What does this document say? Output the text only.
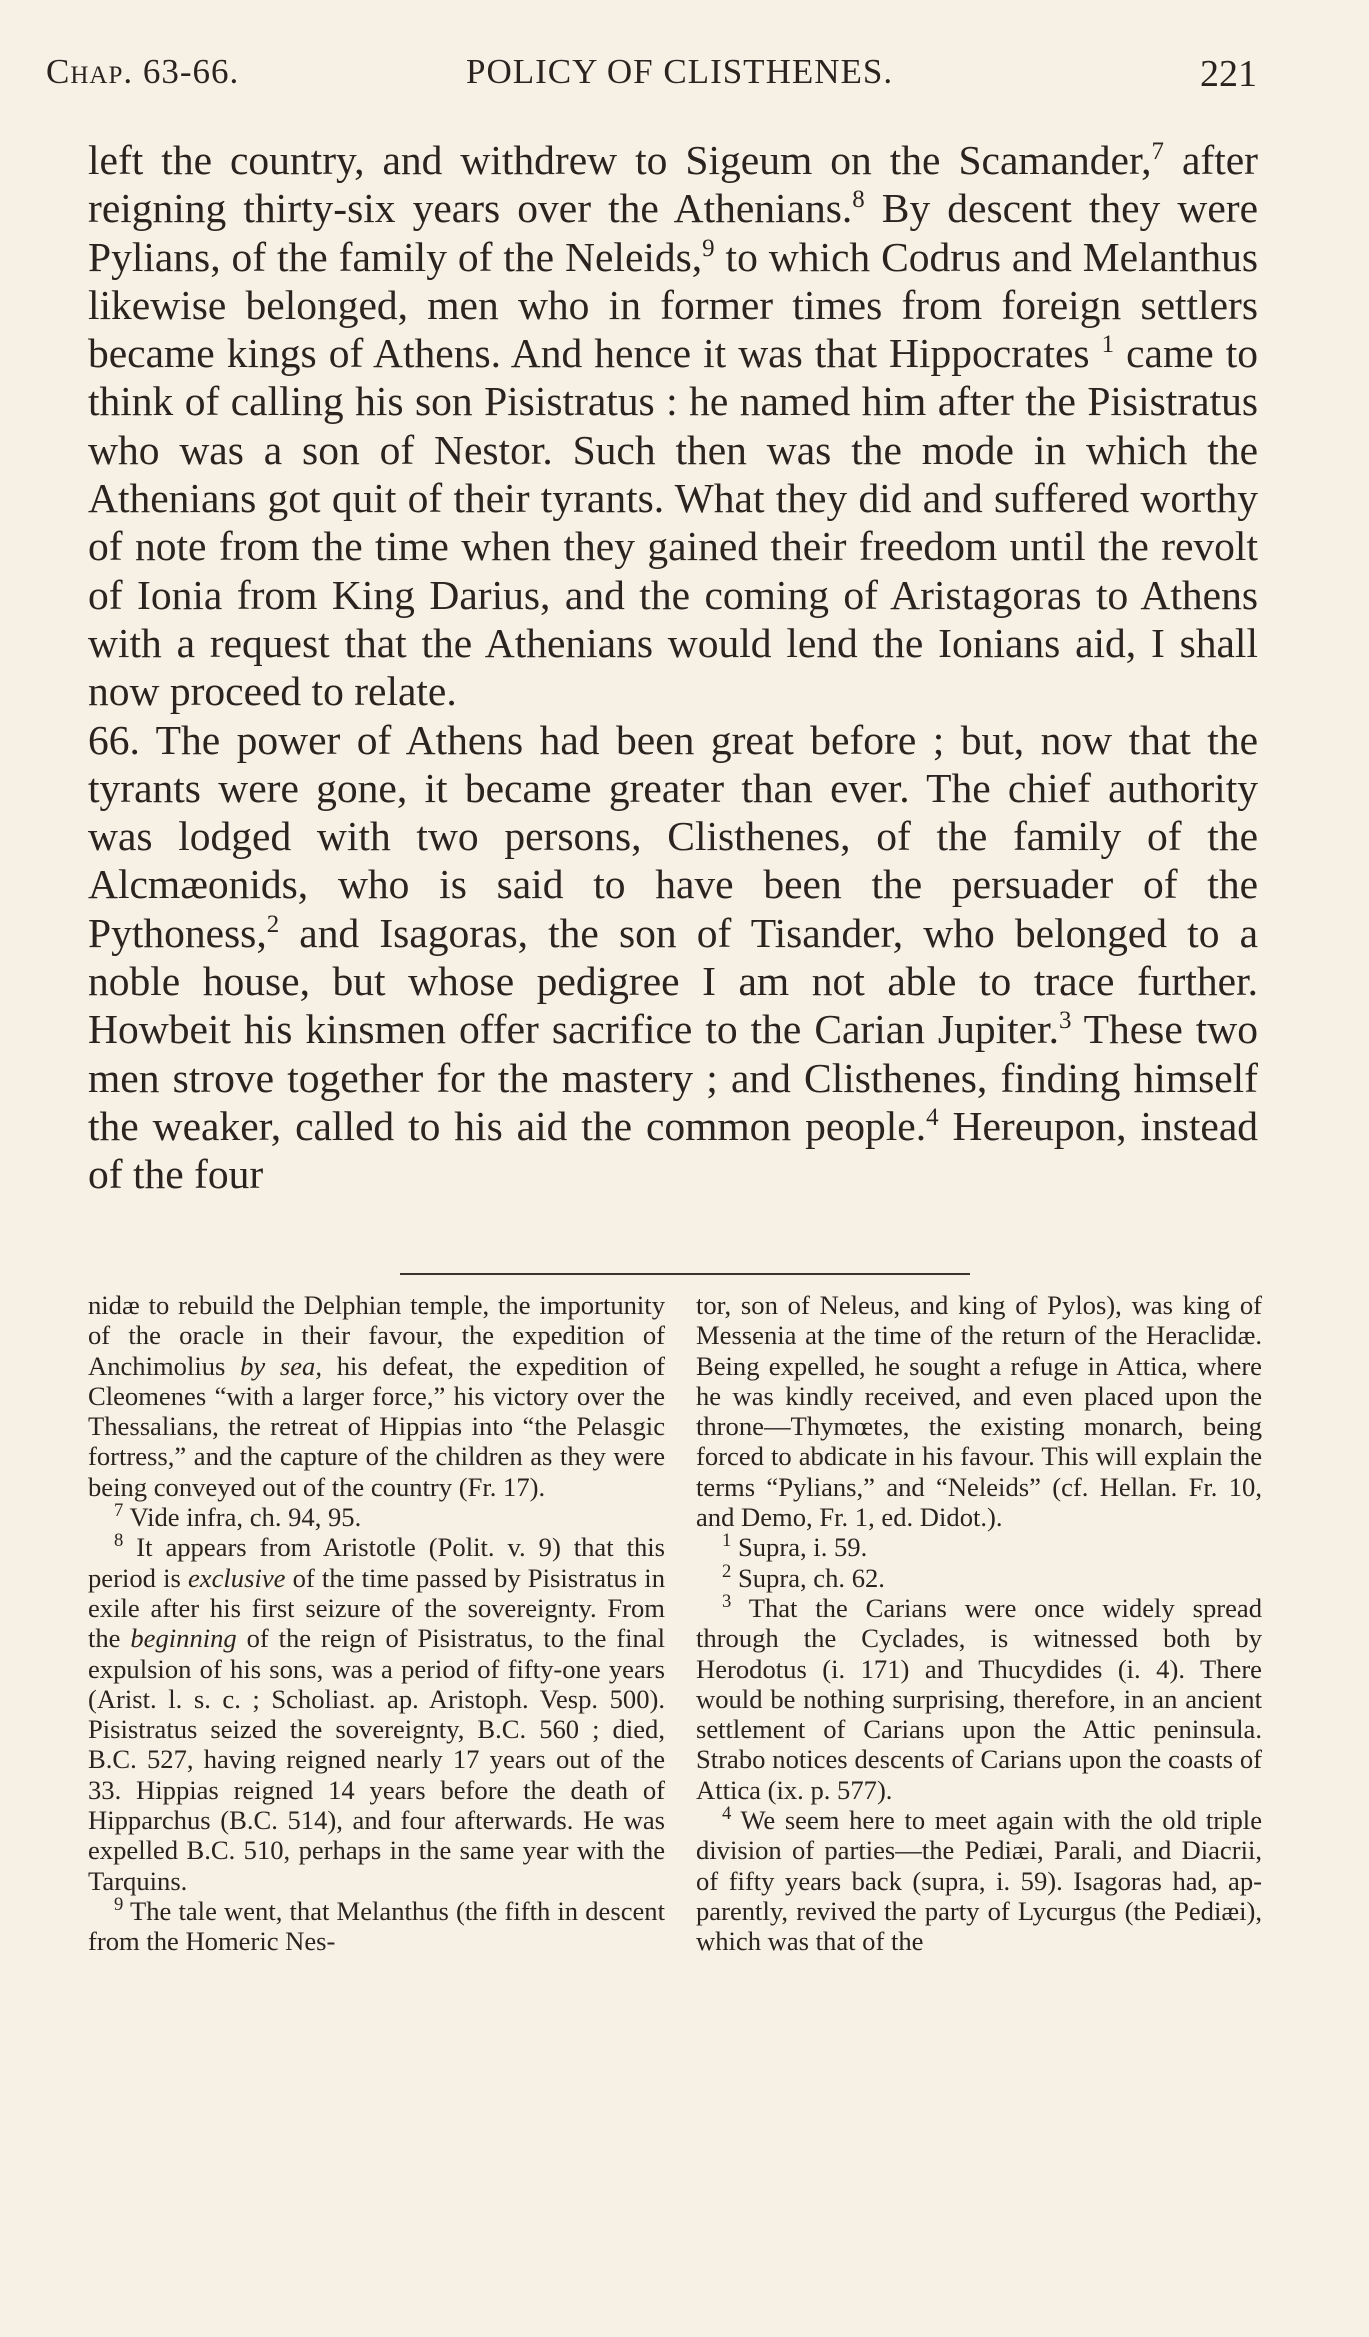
Chap. 63-66.	POLICY OF CLISTHENES.	221

left the country, and withdrew to Sigeum on the Scamander,$^7$ after reigning thirty-six years over the Athenians.$^8$ By descent they were Pylians, of the family of the Neleids,$^9$ to which Codrus and Melanthus likewise belonged, men who in former times from foreign settlers became kings of Athens. And hence it was that Hippocrates $^1$ came to think of calling his son Pisistratus : he named him after the Pisistratus who was a son of Nestor. Such then was the mode in which the Athenians got quit of their tyrants. What they did and suffered worthy of note from the time when they gained their freedom until the revolt of Ionia from King Darius, and the coming of Aristagoras to Athens with a request that the Athenians would lend the Ionians aid, I shall now proceed to relate.

66. The power of Athens had been great before ; but, now that the tyrants were gone, it became greater than ever. The chief authority was lodged with two persons, Clisthenes, of the family of the Alcmæonids, who is said to have been the persuader of the Pythoness,$^2$ and Isagoras, the son of Tisander, who belonged to a noble house, but whose pedigree I am not able to trace further. Howbeit his kinsmen offer sacrifice to the Carian Jupiter.$^3$ These two men strove together for the mastery ; and Clisthenes, finding himself the weaker, called to his aid the common people.$^4$ Hereupon, instead of the four

nidæ to rebuild the Delphian temple, the importunity of the oracle in their favour, the expedition of Anchimolius by sea, his defeat, the expedition of Cleomenes “with a larger force,” his victory over the Thessalians, the retreat of Hippias into “the Pelasgic fortress,” and the capture of the children as they were being conveyed out of the country (Fr. 17).

$^7$ Vide infra, ch. 94, 95.

$^8$ It appears from Aristotle (Polit. v. 9) that this period is exclusive of the time passed by Pisistratus in exile after his first seizure of the sovereignty. From the beginning of the reign of Pisistratus, to the final expulsion of his sons, was a period of fifty-one years (Arist. l. s. c. ; Scholiast. ap. Aristoph. Vesp. 500). Pisistratus seized the sovereignty, B.C. 560 ; died, B.C. 527, having reigned nearly 17 years out of the 33. Hippias reigned 14 years before the death of Hipparchus (B.C. 514), and four afterwards. He was expelled B.C. 510, perhaps in the same year with the Tarquins.

$^9$ The tale went, that Melanthus (the fifth in descent from the Homeric Nes-

tor, son of Neleus, and king of Pylos), was king of Messenia at the time of the return of the Heraclidæ. Being expelled, he sought a refuge in Attica, where he was kindly received, and even placed upon the throne—Thymœtes, the existing monarch, being forced to abdicate in his favour. This will explain the terms “Pylians,” and “Neleids” (cf. Hellan. Fr. 10, and Demo, Fr. 1, ed. Didot.).

$^1$ Supra, i. 59.

$^2$ Supra, ch. 62.

$^3$ That the Carians were once widely spread through the Cyclades, is witnessed both by Herodotus (i. 171) and Thucydides (i. 4). There would be nothing surprising, therefore, in an ancient settlement of Carians upon the Attic peninsula. Strabo notices descents of Carians upon the coasts of Attica (ix. p. 577).

$^4$ We seem here to meet again with the old triple division of parties—the Pediæi, Parali, and Diacrii, of fifty years back (supra, i. 59). Isagoras had, apparently, revived the party of Lycurgus (the Pediæi), which was that of the
